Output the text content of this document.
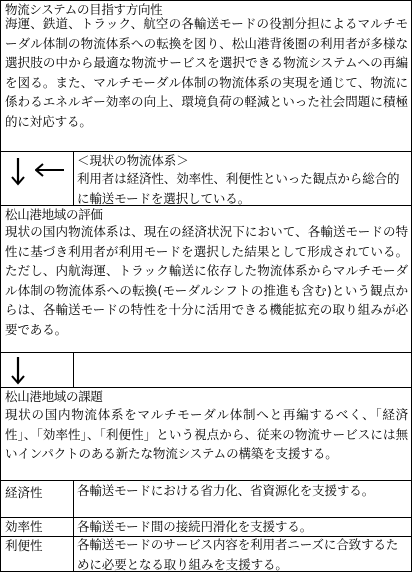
物流システムの目指す方向性
海運、鉄道、トラック、航空の各輸送モードの役割分担によるマルチモーダル体制の物流体系への転換を図り、松山港背後圏の利用者が多様な選択肢の中から最適な物流サービスを選択できる物流システムへの再編を図る。また、マルチモーダル体制の物流体系の実現を通じて、物流に係わるエネルギー効率の向上、環境負荷の軽減といった社会問題に積極的に対応する。
＜現状の物流体系＞
利用者は経済性、効率性、利便性といった観点から総合的に輸送モードを選択している。
松山港地域の評価
現状の国内物流体系は、現在の経済状況下において、各輸送モードの特性に基づき利用者が利用モードを選択した結果として形成されている。ただし、内航海運、トラック輸送に依存した物流体系からマルチモーダル体制の物流体系への転換(モーダルシフトの推進も含む)という観点からは、各輸送モードの特性を十分に活用できる機能拡充の取り組みが必要である。
松山港地域の課題
現状の国内物流体系をマルチモーダル体制へと再編するべく、「経済性」、「効率性」、「利便性」という視点から、従来の物流サービスには無いインパクトのある新たな物流システムの構築を支援する。
経済性	各輸送モードにおける省力化、省資源化を支援する。
効率性	各輸送モード間の接続円滑化を支援する。
利便性	各輸送モードのサービス内容を利用者ニーズに合致するために必要となる取り組みを支援する。
